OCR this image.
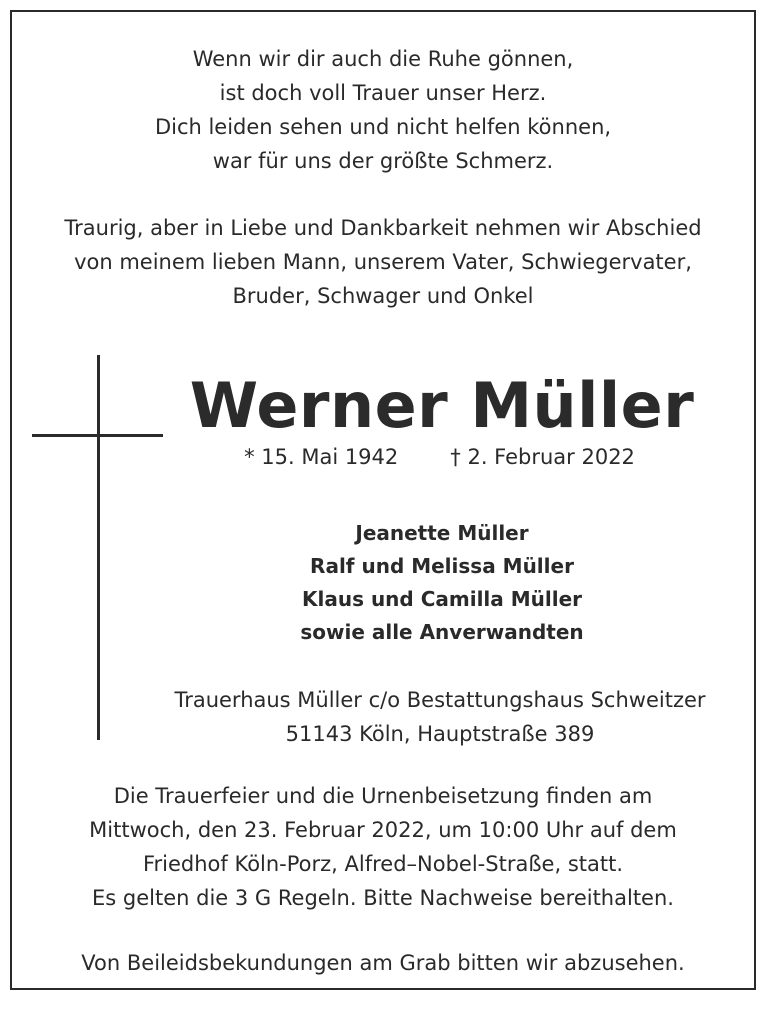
Wenn wir dir auch die Ruhe gönnen,
ist doch voll Trauer unser Herz.
Dich leiden sehen und nicht helfen können,
war für uns der größte Schmerz.
Traurig, aber in Liebe und Dankbarkeit nehmen wir Abschied
von meinem lieben Mann, unserem Vater, Schwiegervater,
Bruder, Schwager und Onkel
Werner Müller
* 15. Mai 1942 † 2. Februar 2022
Jeanette Müller
Ralf und Melissa Müller
Klaus und Camilla Müller
sowie alle Anverwandten
Trauerhaus Müller c/o Bestattungshaus Schweitzer
51143 Köln, Hauptstraße 389
Die Trauerfeier und die Urnenbeisetzung finden am
Mittwoch, den 23. Februar 2022, um 10:00 Uhr auf dem
Friedhof Köln-Porz, Alfred–Nobel-Straße, statt.
Es gelten die 3 G Regeln. Bitte Nachweise bereithalten.
Von Beileidsbekundungen am Grab bitten wir abzusehen.
